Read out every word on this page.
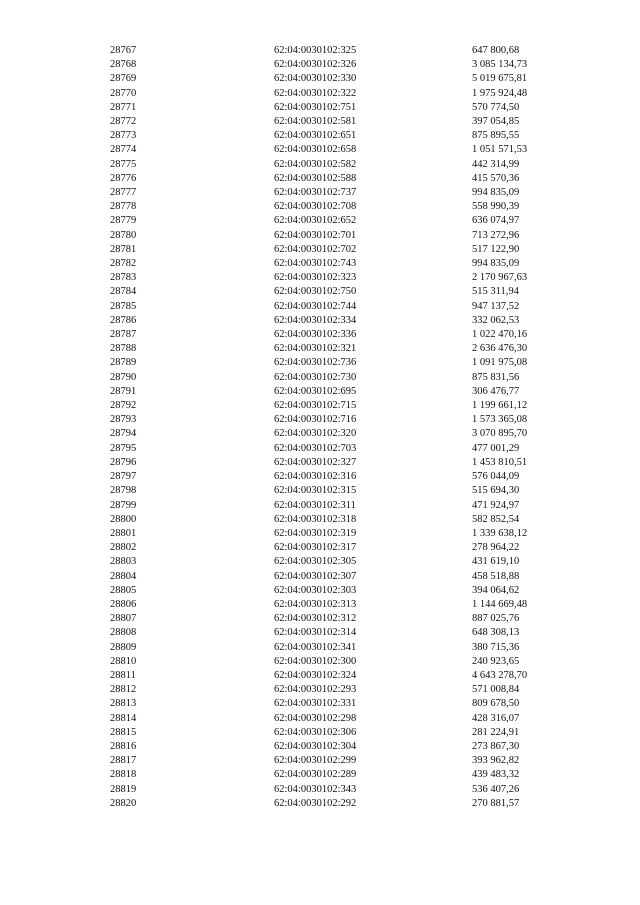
28767	62:04:0030102:325	647 800,68
28768	62:04:0030102:326	3 085 134,73
28769	62:04:0030102:330	5 019 675,81
28770	62:04:0030102:322	1 975 924,48
28771	62:04:0030102:751	570 774,50
28772	62:04:0030102:581	397 054,85
28773	62:04:0030102:651	875 895,55
28774	62:04:0030102:658	1 051 571,53
28775	62:04:0030102:582	442 314,99
28776	62:04:0030102:588	415 570,36
28777	62:04:0030102:737	994 835,09
28778	62:04:0030102:708	558 990,39
28779	62:04:0030102:652	636 074,97
28780	62:04:0030102:701	713 272,96
28781	62:04:0030102:702	517 122,90
28782	62:04:0030102:743	994 835,09
28783	62:04:0030102:323	2 170 967,63
28784	62:04:0030102:750	515 311,94
28785	62:04:0030102:744	947 137,52
28786	62:04:0030102:334	332 062,53
28787	62:04:0030102:336	1 022 470,16
28788	62:04:0030102:321	2 636 476,30
28789	62:04:0030102:736	1 091 975,08
28790	62:04:0030102:730	875 831,56
28791	62:04:0030102:695	306 476,77
28792	62:04:0030102:715	1 199 661,12
28793	62:04:0030102:716	1 573 365,08
28794	62:04:0030102:320	3 070 895,70
28795	62:04:0030102:703	477 001,29
28796	62:04:0030102:327	1 453 810,51
28797	62:04:0030102:316	576 044,09
28798	62:04:0030102:315	515 694,30
28799	62:04:0030102:311	471 924,97
28800	62:04:0030102:318	582 852,54
28801	62:04:0030102:319	1 339 638,12
28802	62:04:0030102:317	278 964,22
28803	62:04:0030102:305	431 619,10
28804	62:04:0030102:307	458 518,88
28805	62:04:0030102:303	394 064,62
28806	62:04:0030102:313	1 144 669,48
28807	62:04:0030102:312	887 025,76
28808	62:04:0030102:314	648 308,13
28809	62:04:0030102:341	380 715,36
28810	62:04:0030102:300	240 923,65
28811	62:04:0030102:324	4 643 278,70
28812	62:04:0030102:293	571 008,84
28813	62:04:0030102:331	809 678,50
28814	62:04:0030102:298	428 316,07
28815	62:04:0030102:306	281 224,91
28816	62:04:0030102:304	273 867,30
28817	62:04:0030102:299	393 962,82
28818	62:04:0030102:289	439 483,32
28819	62:04:0030102:343	536 407,26
28820	62:04:0030102:292	270 881,57
